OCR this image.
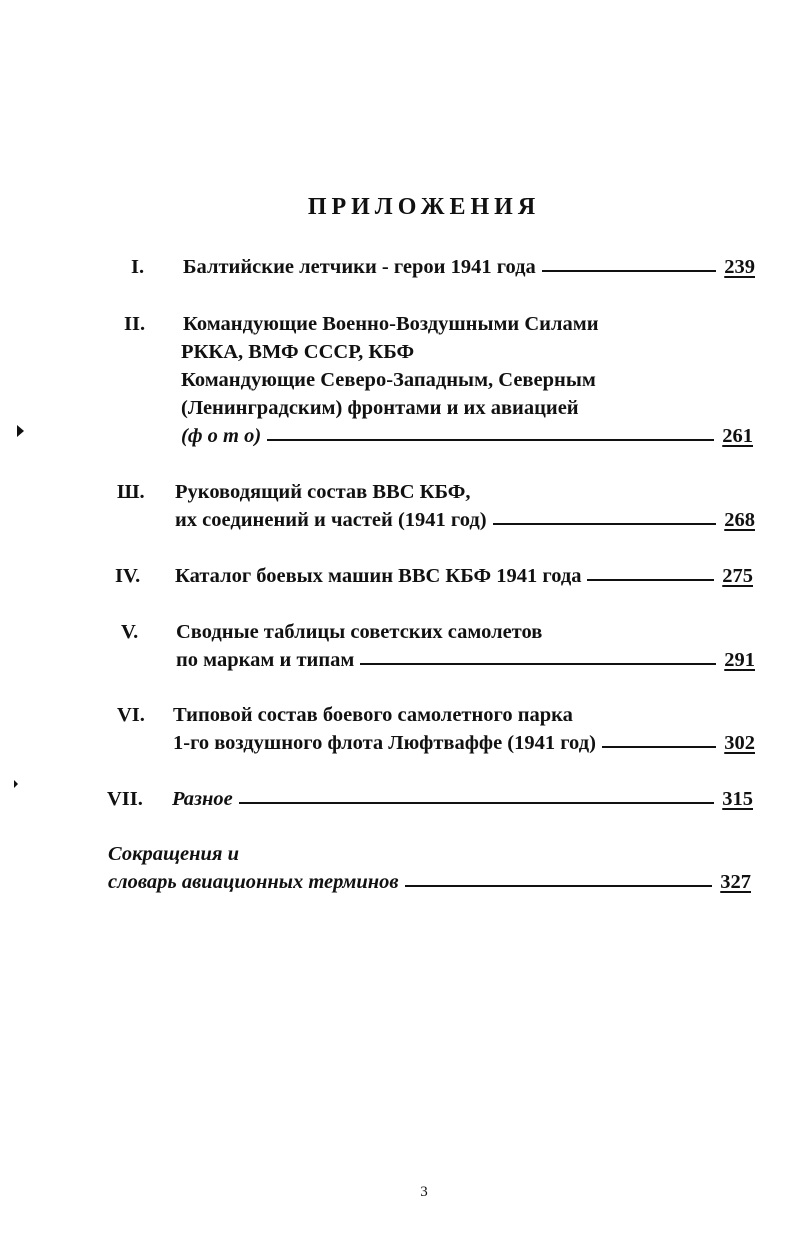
ПРИЛОЖЕНИЯ
I. Балтийские летчики - герои 1941 года	239
II. Командующие Военно-Воздушными Силами
РККА, ВМФ СССР, КБФ
Командующие Северо-Западным, Северным
(Ленинградским) фронтами и их авиацией
(ф о т о)	261
Ш. Руководящий состав ВВС КБФ,
их соединений и частей (1941 год)	268
IV. Каталог боевых машин ВВС КБФ 1941 года	275
V. Сводные таблицы советских самолетов
по маркам и типам	291
VI. Типовой состав боевого самолетного парка
1-го воздушного флота Люфтваффе (1941 год)	302
VII. Разное	315
Сокращения и
словарь авиационных терминов	327
3
